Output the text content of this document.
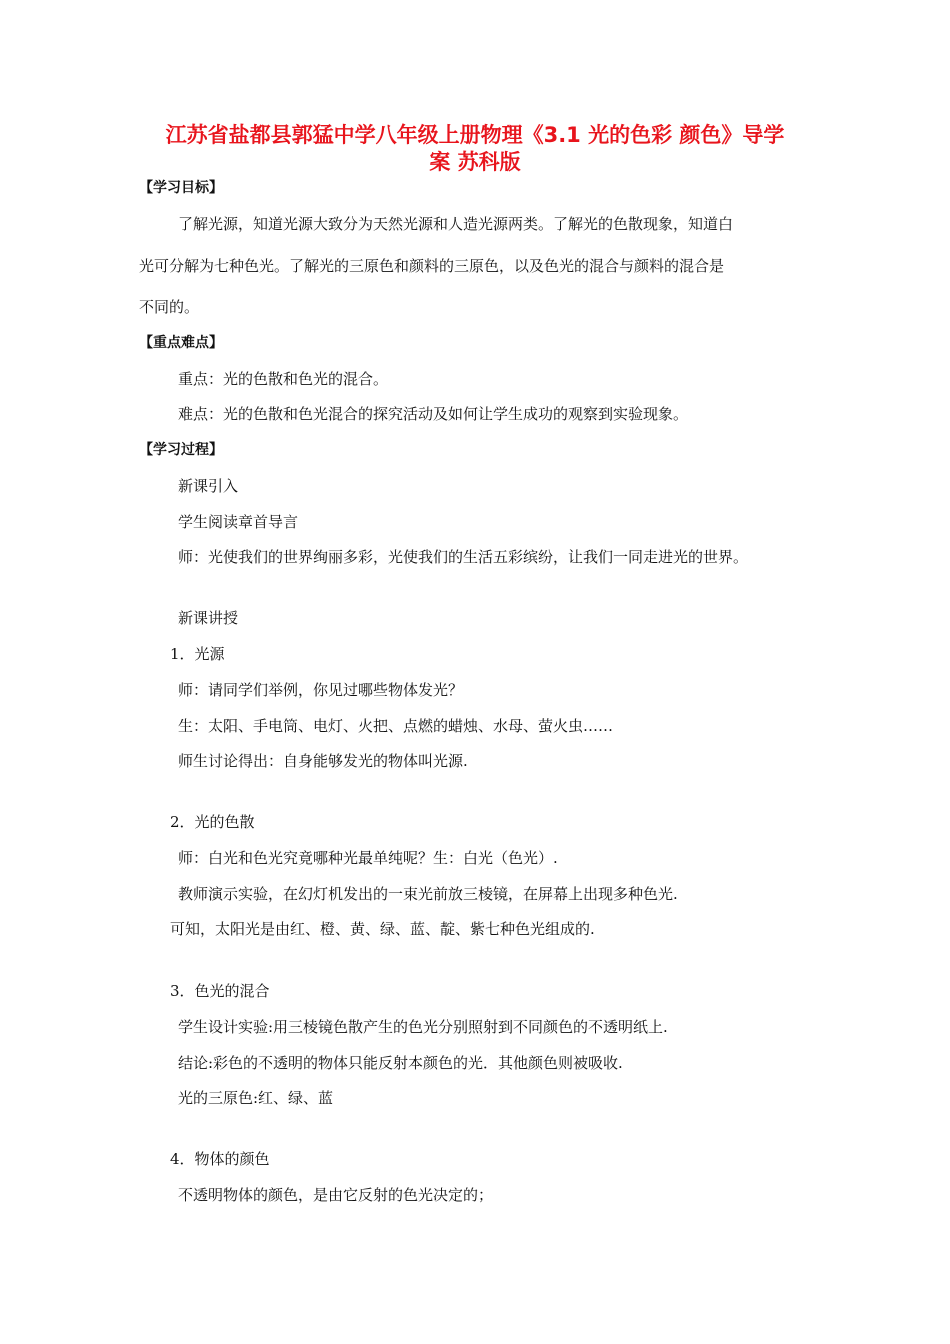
江苏省盐都县郭猛中学八年级上册物理《3.1 光的色彩 颜色》导学
案 苏科版
【学习目标】
了解光源，知道光源大致分为天然光源和人造光源两类。了解光的色散现象，知道白
光可分解为七种色光。了解光的三原色和颜料的三原色，以及色光的混合与颜料的混合是
不同的。
【重点难点】
重点：光的色散和色光的混合。
难点：光的色散和色光混合的探究活动及如何让学生成功的观察到实验现象。
【学习过程】
新课引入
学生阅读章首导言
师：光使我们的世界绚丽多彩，光使我们的生活五彩缤纷，让我们一同走进光的世界。
新课讲授
1．光源
师：请同学们举例，你见过哪些物体发光？
生：太阳、手电筒、电灯、火把、点燃的蜡烛、水母、萤火虫……
师生讨论得出：自身能够发光的物体叫光源.
2．光的色散
师：白光和色光究竟哪种光最单纯呢？生：白光（色光）.
教师演示实验，在幻灯机发出的一束光前放三棱镜，在屏幕上出现多种色光.
可知，太阳光是由红、橙、黄、绿、蓝、靛、紫七种色光组成的.
3．色光的混合
学生设计实验:用三棱镜色散产生的色光分别照射到不同颜色的不透明纸上.
结论:彩色的不透明的物体只能反射本颜色的光．其他颜色则被吸收.
光的三原色:红、绿、蓝
4．物体的颜色
不透明物体的颜色，是由它反射的色光决定的；
